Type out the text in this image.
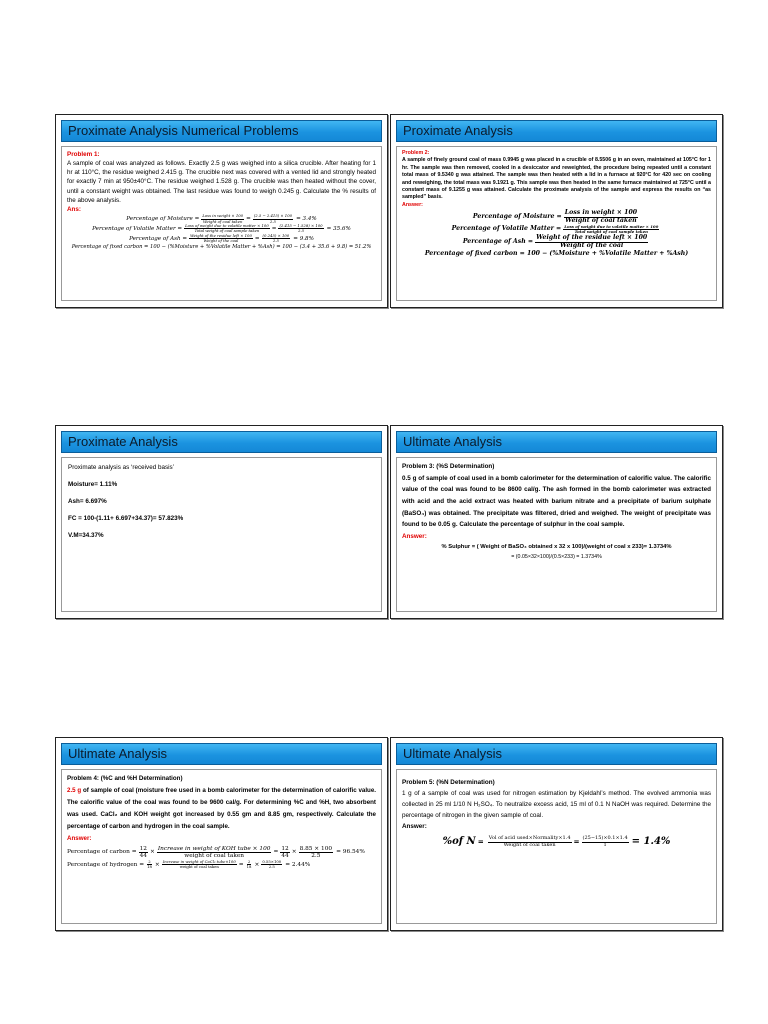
Proximate Analysis Numerical Problems
Problem 1:

A sample of coal was analyzed as follows. Exactly 2.5 g was weighed into a silica crucible. After heating for 1 hr at 110°C, the residue weighed 2.415 g. The crucible next was covered with a vented lid and strongly heated for exactly 7 min at 950±40°C. The residue weighed 1.528 g. The crucible was then heated without the cover, until a constant weight was obtained. The last residue was found to weigh 0.245 g. Calculate the % results of the above analysis.

Ans:
Percentage of Moisture = $\frac{\text{Loss in weight × 100}}{\text{Weight of coal taken}} = \frac{(2.5 - 2.415) \times 100}{2.5} = 3.4\%$
Percentage of Volatile Matter = $\frac{\text{Loss of weight due to volatile matter × 100}}{\text{Total weight of coal sample taken}} = \frac{(2.415 - 1.528) \times 100}{2.5} = 35.6\%$
Percentage of Ash = $\frac{\text{Weight of the residue left × 100}}{\text{Weight of the coal}} = \frac{(0.245) \times 100}{2.5} = 9.8\%$
Percentage of fixed carbon = 100 − (%Moisture + %Volatile Matter + %Ash) = 100 − (3.4 + 35.6 + 9.8) = 51.2%
Proximate Analysis
Problem 2:

A sample of finely ground coal of mass 0.9945 g was placed in a crucible of 8.5506 g in an oven, maintained at 105°C for 1 hr. The sample was then removed, cooled in a desiccator and reweighted, the procedure being repeated until a constant total mass of 9.5340 g was attained. The sample was then heated with a lid in a furnace at 920°C for 420 sec on cooling and reweighing, the total mass was 9.1921 g. This sample was then heated in the same furnace maintained at 725°C until a constant mass of 9.1255 g was attained. Calculate the proximate analysis of the sample and express the results on “as sampled” basis.

Answer:
Percentage of Moisture = $\frac{\text{Loss in weight × 100}}{\text{Weight of coal taken}}$
Percentage of Volatile Matter = $\frac{\text{Loss of weight due to volatile matter × 100}}{\text{Total weight of coal sample taken}}$
Percentage of Ash = $\frac{\text{Weight of the residue left × 100}}{\text{Weight of the coal}}$
Percentage of fixed carbon = 100 − (%Moisture + %Volatile Matter + %Ash)
Proximate Analysis
Proximate analysis as ‘received basis’
Moisture= 1.11%
Ash= 6.697%
FC = 100-(1.11+ 6.697+34.37)= 57.823%
V.M=34.37%
Ultimate Analysis
Problem 3: (%S Determination)

0.5 g of sample of coal used in a bomb calorimeter for the determination of calorific value. The calorific value of the coal was found to be 8600 cal/g. The ash formed in the bomb calorimeter was extracted with acid and the acid extract was heated with barium nitrate and a precipitate of barium sulphate (BaSO₄) was obtained. The precipitate was filtered, dried and weighed. The weight of precipitate was found to be 0.05 g. Calculate the percentage of sulphur in the coal sample.

Answer:
% Sulphur = ( Weight of BaSO₄ obtained x 32 x 100)/(weight of coal x 233)= 1.3734%
= (0.05×32×100)/(0.5×233) = 1.3734%
Ultimate Analysis
Problem 4: (%C and %H Determination)

2.5 g of sample of coal (moisture free used in a bomb calorimeter for the determination of calorific value. The calorific value of the coal was found to be 9600 cal/g. For determining %C and %H, two absorbent was used. CaCl₂ and KOH weight got increased by 0.55 gm and 8.85 gm, respectively. Calculate the percentage of carbon and hydrogen in the coal sample.

Answer:
Percentage of carbon = $\frac{12}{44} \times \frac{\text{Increase in weight of KOH tube × 100}}{\text{weight of coal taken}} = \frac{12}{44} \times \frac{8.85 \times 100}{2.5} = 96.54\%$
Percentage of hydrogen = $\frac{2}{18} \times \frac{\text{Increase in weight of CaCl₂ tube×100}}{\text{weight of coal taken}} = \frac{2}{18} \times \frac{0.55\times 100}{2.5} = 2.44\%$
Ultimate Analysis
Problem 5: (%N Determination)

1 g of a sample of coal was used for nitrogen estimation by Kjeldahl’s method. The evolved ammonia was collected in 25 ml 1/10 N H₂SO₄. To neutralize excess acid, 15 ml of 0.1 N NaOH was required. Determine the percentage of nitrogen in the given sample of coal.

Answer:
%of $N = \frac{\text{Vol of acid used×Normality×1.4}}{\text{Weight of coal taken}} = \frac{(25-15)\times 0.1\times 1.4}{1} = 1.4\%$
